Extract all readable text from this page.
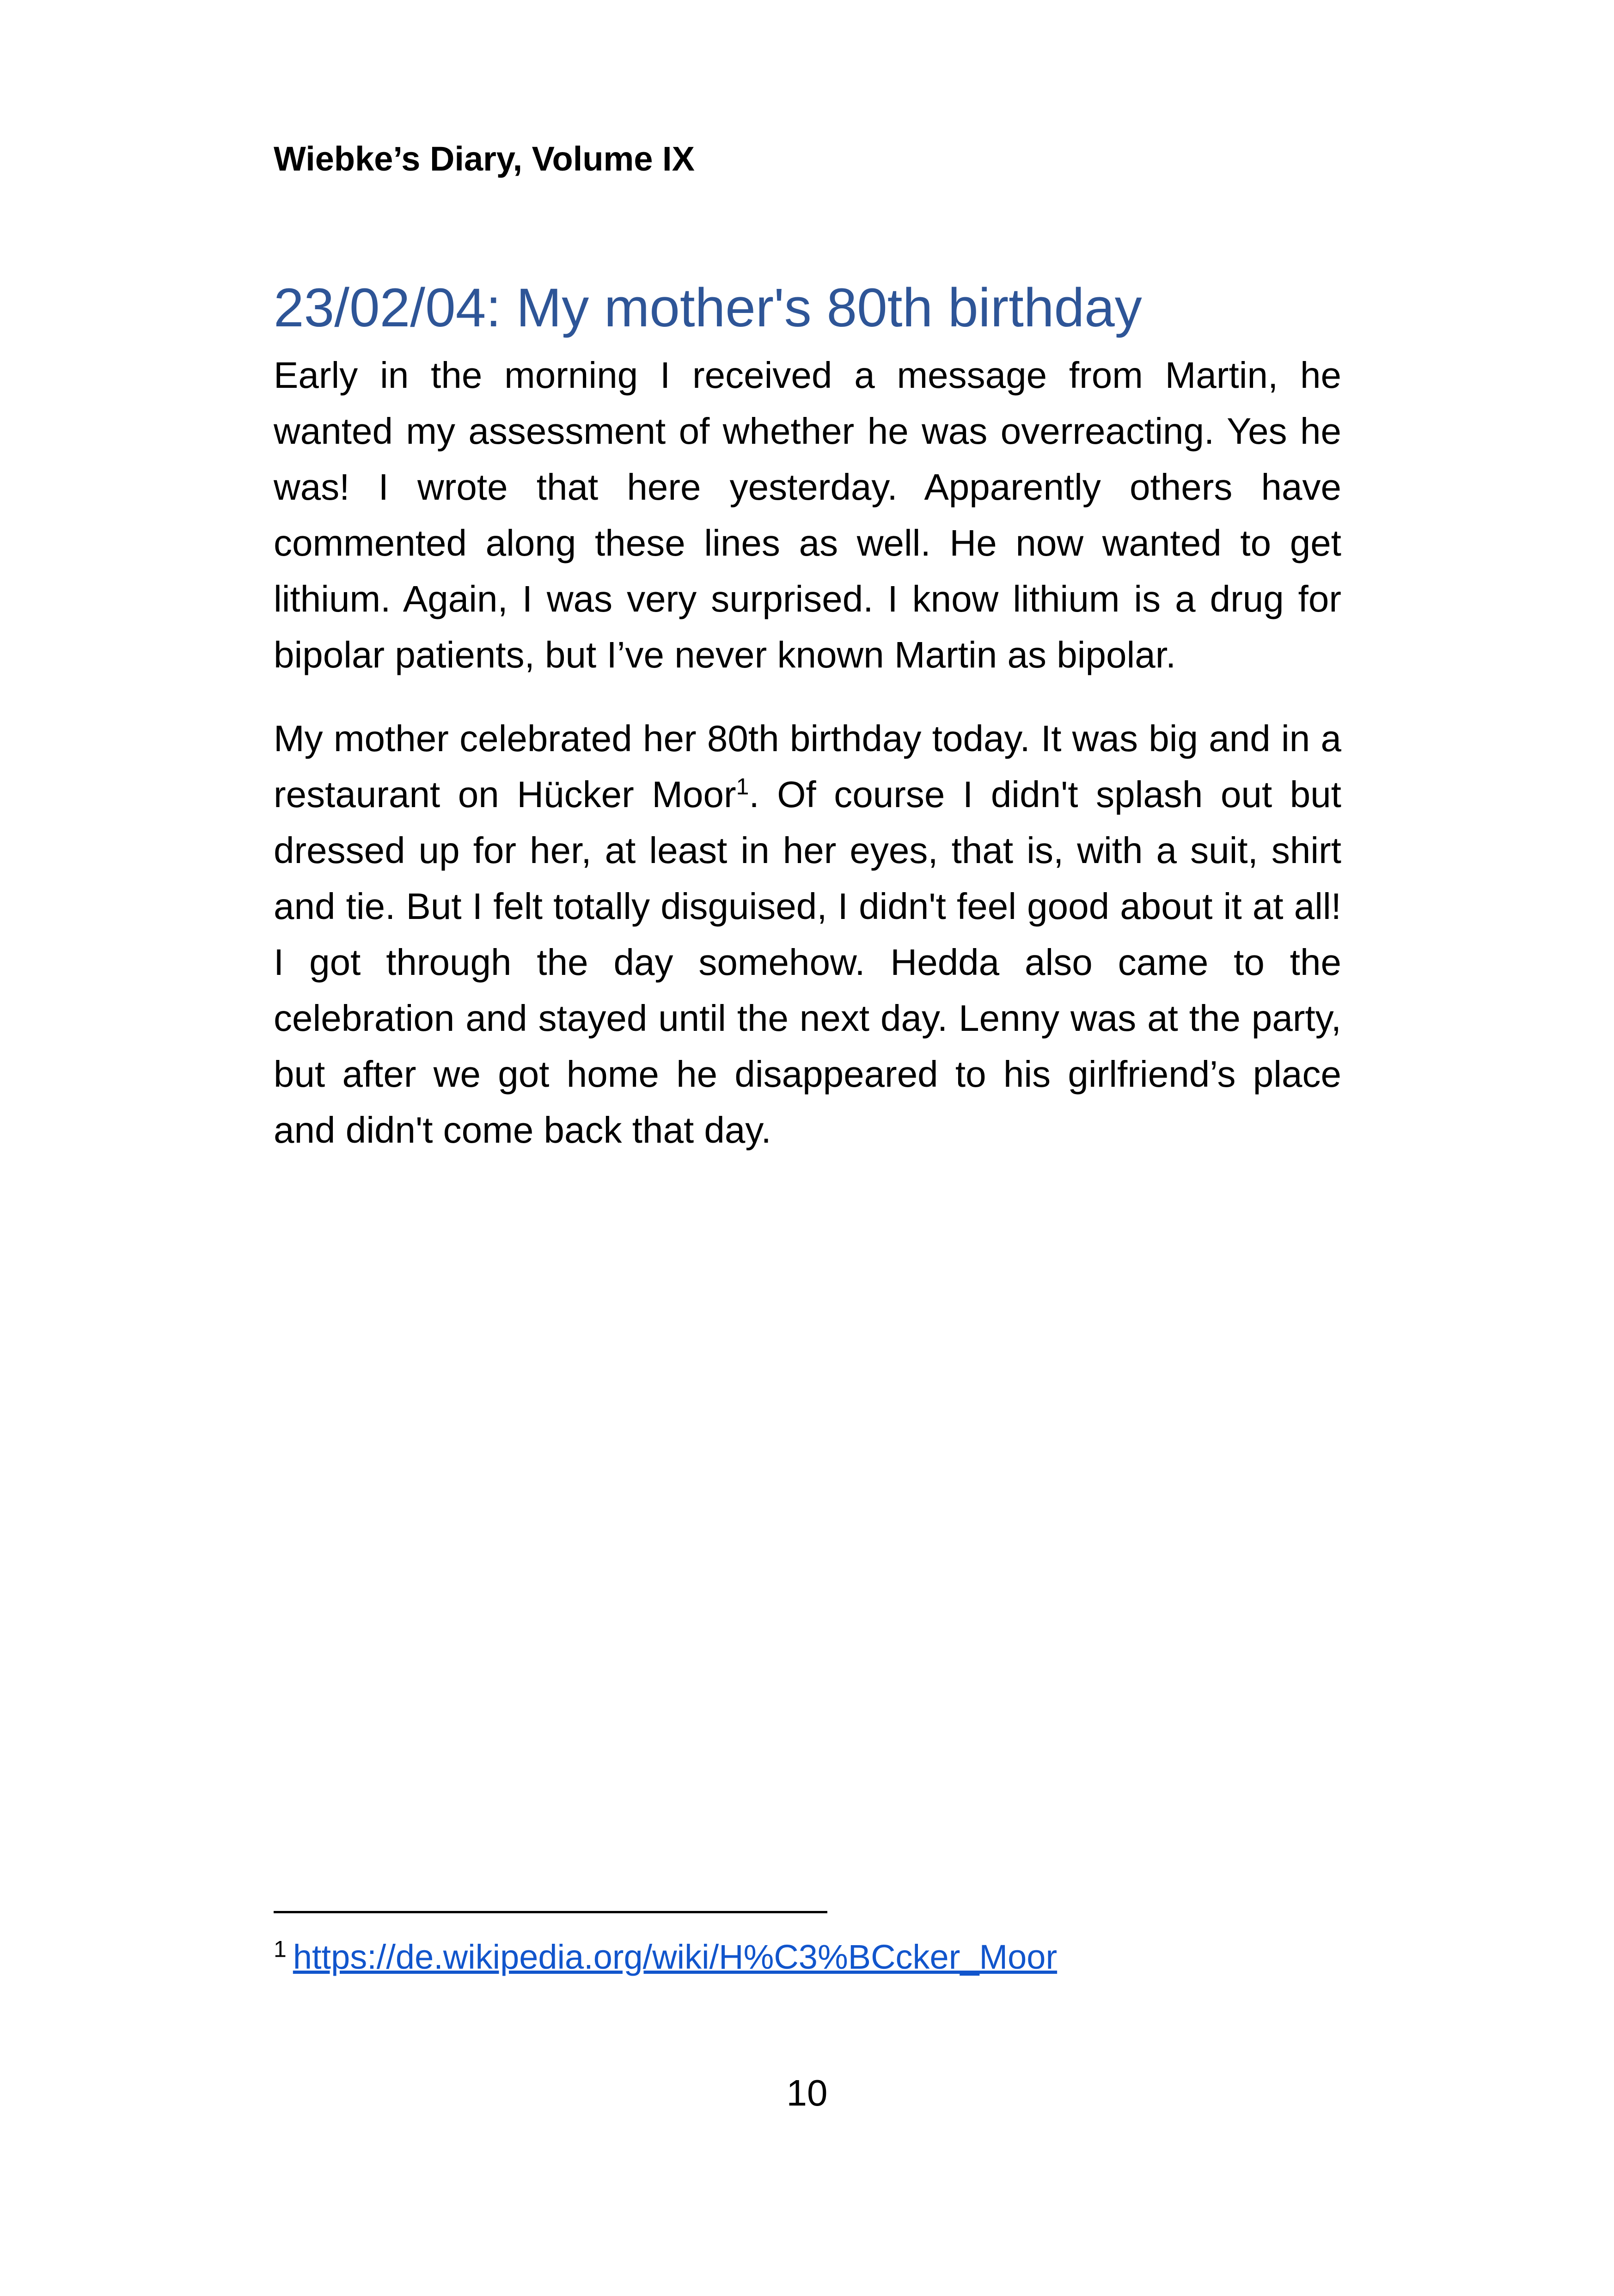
Wiebke’s Diary, Volume IX

23/02/04: My mother's 80th birthday

Early in the morning I received a message from Martin, he wanted my assessment of whether he was overreacting. Yes he was! I wrote that here yesterday. Apparently others have commented along these lines as well. He now wanted to get lithium. Again, I was very surprised. I know lithium is a drug for bipolar patients, but I’ve never known Martin as bipolar.

My mother celebrated her 80th birthday today. It was big and in a restaurant on Hücker Moor$^1$. Of course I didn't splash out but dressed up for her, at least in her eyes, that is, with a suit, shirt and tie. But I felt totally disguised, I didn't feel good about it at all! I got through the day somehow. Hedda also came to the celebration and stayed until the next day. Lenny was at the party, but after we got home he disappeared to his girlfriend’s place and didn't come back that day.

$^1$ https://de.wikipedia.org/wiki/H%C3%BCcker_Moor
10
